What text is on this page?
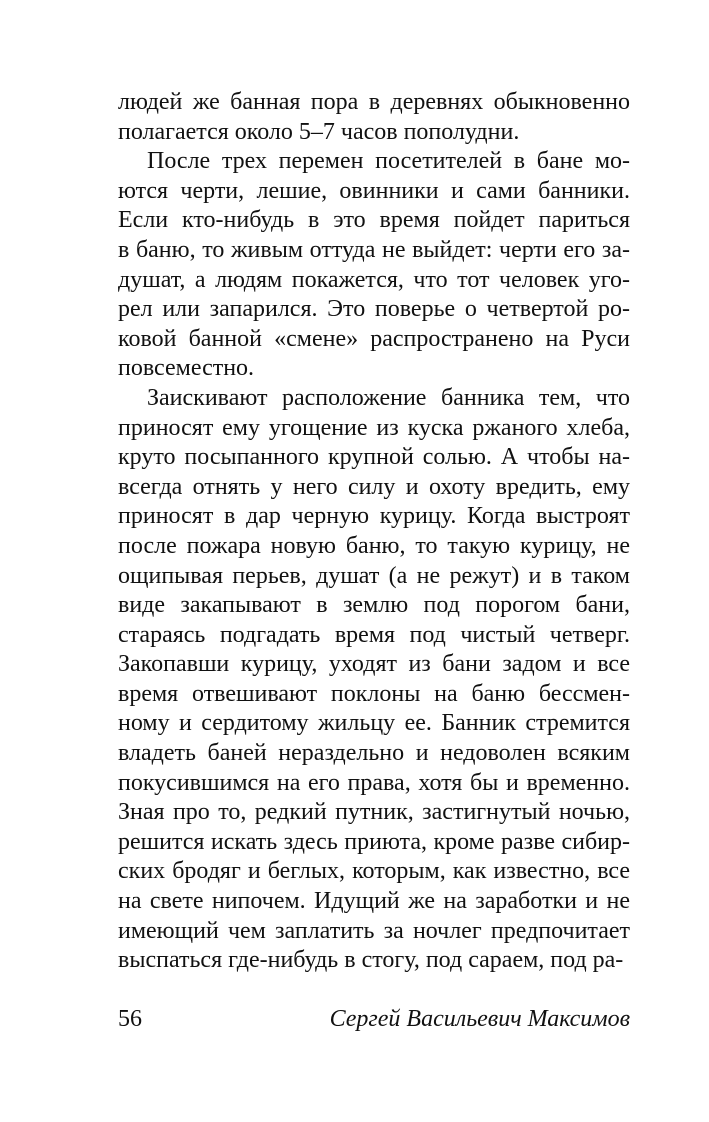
людей же банная пора в деревнях обыкновенно
полагается около 5–7 часов пополудни.
После трех перемен посетителей в бане мо-
ются черти, лешие, овинники и сами банники.
Если кто-нибудь в это время пойдет париться
в баню, то живым оттуда не выйдет: черти его за-
душат, а людям покажется, что тот человек уго-
рел или запарился. Это поверье о четвертой ро-
ковой банной «смене» распространено на Руси
повсеместно.
Заискивают расположение банника тем, что
приносят ему угощение из куска ржаного хлеба,
круто посыпанного крупной солью. А чтобы на-
всегда отнять у него силу и охоту вредить, ему
приносят в дар черную курицу. Когда выстроят
после пожара новую баню, то такую курицу, не
ощипывая перьев, душат (а не режут) и в таком
виде закапывают в землю под порогом бани,
стараясь подгадать время под чистый четверг.
Закопавши курицу, уходят из бани задом и все
время отвешивают поклоны на баню бессмен-
ному и сердитому жильцу ее. Банник стремится
владеть баней нераздельно и недоволен всяким
покусившимся на его права, хотя бы и временно.
Зная про то, редкий путник, застигнутый ночью,
решится искать здесь приюта, кроме разве сибир-
ских бродяг и беглых, которым, как известно, все
на свете нипочем. Идущий же на заработки и не
имеющий чем заплатить за ночлег предпочитает
выспаться где-нибудь в стогу, под сараем, под ра-
56	Сергей Васильевич Максимов
